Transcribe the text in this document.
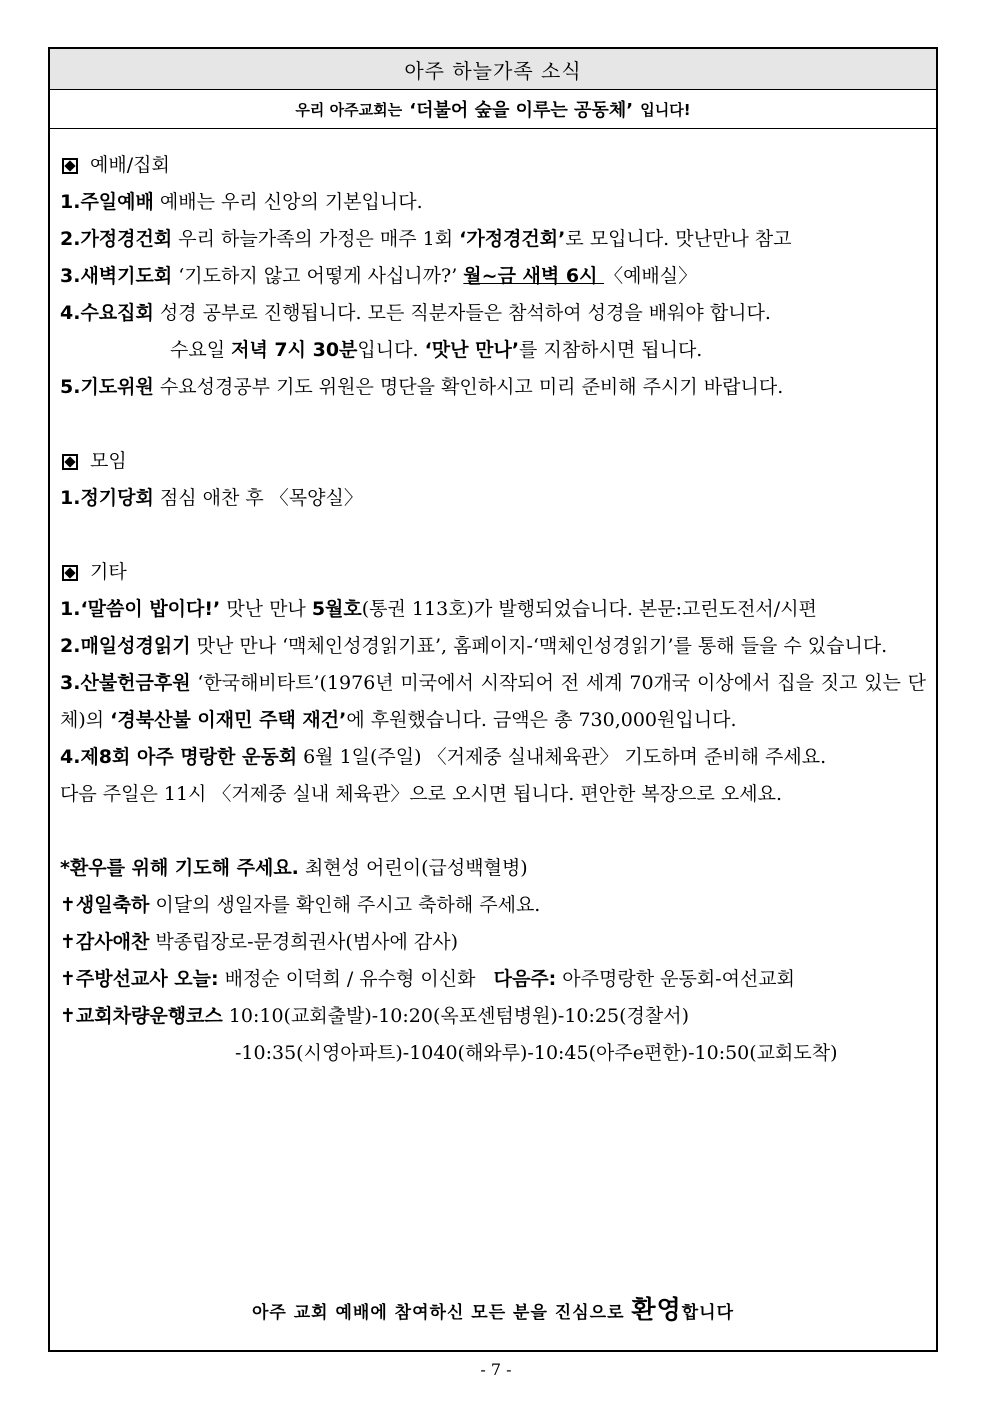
아주 하늘가족 소식
우리 아주교회는
‘더불어 숲을 이루는 공동체’
입니다!
예배/집회
1.주일예배 예배는 우리 신앙의 기본입니다.
2.가정경건회 우리 하늘가족의 가정은 매주 1회 ‘가정경건회’로 모입니다. 맛난만나 참고
3.새벽기도회 ‘기도하지 않고 어떻게 사십니까?’ 월~금 새벽 6시 〈예배실〉
4.수요집회 성경 공부로 진행됩니다. 모든 직분자들은 참석하여 성경을 배워야 합니다.
수요일 저녁 7시 30분입니다. ‘맛난 만나’를 지참하시면 됩니다.
5.기도위원 수요성경공부 기도 위원은 명단을 확인하시고 미리 준비해 주시기 바랍니다.
모임
1.정기당회 점심 애찬 후 〈목양실〉
기타
1.‘말씀이 밥이다!’ 맛난 만나 5월호(통권 113호)가 발행되었습니다. 본문:고린도전서/시편
2.매일성경읽기 맛난 만나 ‘맥체인성경읽기표’, 홈페이지-‘맥체인성경읽기’를 통해 들을 수 있습니다.
3.산불헌금후원 ‘한국해비타트’(1976년 미국에서 시작되어 전 세계 70개국 이상에서 집을 짓고 있는 단체)의 ‘경북산불 이재민 주택 재건’에 후원했습니다. 금액은 총 730,000원입니다.
4.제8회 아주 명랑한 운동회 6월 1일(주일) 〈거제중 실내체육관〉 기도하며 준비해 주세요.
다음 주일은 11시 〈거제중 실내 체육관〉으로 오시면 됩니다. 편안한 복장으로 오세요.
*환우를 위해 기도해 주세요. 최현성 어린이(급성백혈병)
✝생일축하 이달의 생일자를 확인해 주시고 축하해 주세요.
✝감사애찬 박종립장로-문경희권사(범사에 감사)
✝주방선교사 오늘: 배정순 이덕희 / 유수형 이신화   다음주: 아주명랑한 운동회-여선교회
✝교회차량운행코스 10:10(교회출발)-10:20(옥포센텀병원)-10:25(경찰서)
-10:35(시영아파트)-1040(해와루)-10:45(아주e편한)-10:50(교회도착)
아주 교회 예배에 참여하신 모든 분을 진심으로 환영합니다
- 7 -
